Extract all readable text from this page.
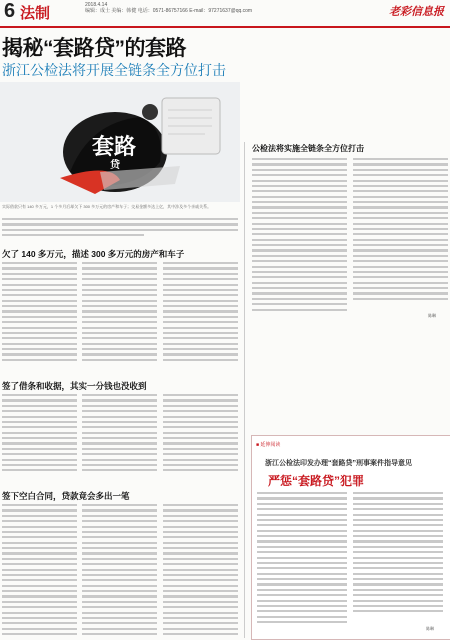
6 法制	2018.4.14
编辑：成士 美编：韩健 电话：0571-86757166 E-mail：97271637@qq.com	老彩信息报
揭秘“套路贷”的套路
浙江公检法将开展全链条全方位打击
套路
贷
实际借款只有 140 多万元，1 个多月后却欠下 300 多万元的房产和车子；交易金额多达上亿，其中涉及多个亲戚关系。
欠了 140 多万元，描述 300 多万元的房产和车子
签了借条和收据，其实一分钱也没收到
签下空白合同，贷款竟会多出一笔
公检法将实施全链条全方位打击
陈琳
■ 延伸阅读
浙江公检法印发办理“套路贷”刑事案件指导意见
严惩“套路贷”犯罪
陈琳
